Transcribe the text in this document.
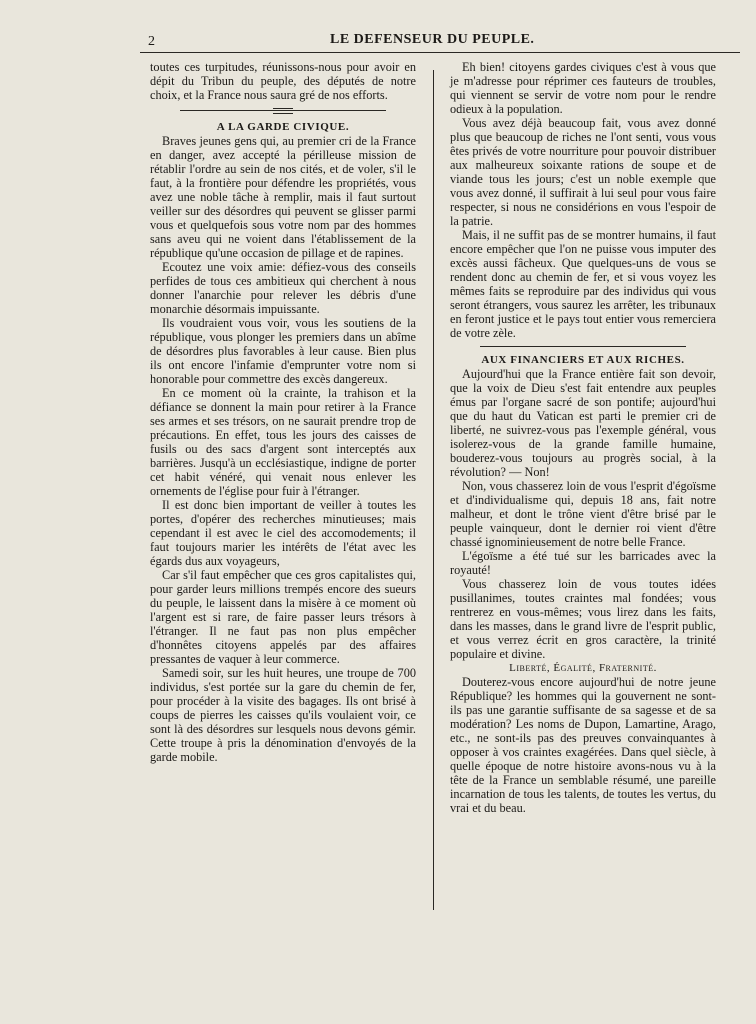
2	LE DEFENSEUR DU PEUPLE.

toutes ces turpitudes, réunissons-nous pour avoir en dépit du Tribun du peuple, des députés de notre choix, et la France nous saura gré de nos efforts.

A LA GARDE CIVIQUE.

Braves jeunes gens qui, au premier cri de la France en danger, avez accepté la périlleuse mission de rétablir l'ordre au sein de nos cités, et de voler, s'il le faut, à la frontière pour défendre les propriétés, vous avez une noble tâche à remplir, mais il faut surtout veiller sur des désordres qui peuvent se glisser parmi vous et quelquefois sous votre nom par des hommes sans aveu qui ne voient dans l'établissement de la république qu'une occasion de pillage et de rapines.

Ecoutez une voix amie: défiez-vous des conseils perfides de tous ces ambitieux qui cherchent à nous donner l'anarchie pour relever les débris d'une monarchie désormais impuissante.

Ils voudraient vous voir, vous les soutiens de la république, vous plonger les premiers dans un abîme de désordres plus favorables à leur cause. Bien plus ils ont encore l'infamie d'emprunter votre nom si honorable pour commettre des excès dangereux.

En ce moment où la crainte, la trahison et la défiance se donnent la main pour retirer à la France ses armes et ses trésors, on ne saurait prendre trop de précautions. En effet, tous les jours des caisses de fusils ou des sacs d'argent sont interceptés aux barrières. Jusqu'à un ecclésiastique, indigne de porter cet habit vénéré, qui venait nous enlever les ornements de l'église pour fuir à l'étranger.

Il est donc bien important de veiller à toutes les portes, d'opérer des recherches minutieuses; mais cependant il est avec le ciel des accomodements; il faut toujours marier les intérêts de l'état avec les égards dus aux voyageurs,

Car s'il faut empêcher que ces gros capitalistes qui, pour garder leurs millions trempés encore des sueurs du peuple, le laissent dans la misère à ce moment où l'argent est si rare, de faire passer leurs trésors à l'étranger. Il ne faut pas non plus empêcher d'honnêtes citoyens appelés par des affaires pressantes de vaquer à leur commerce.

Samedi soir, sur les huit heures, une troupe de 700 individus, s'est portée sur la gare du chemin de fer, pour procéder à la visite des bagages. Ils ont brisé à coups de pierres les caisses qu'ils voulaient voir, ce sont là des désordres sur lesquels nous devons gémir. Cette troupe à pris la dénomination d'envoyés de la garde mobile.

Eh bien! citoyens gardes civiques c'est à vous que je m'adresse pour réprimer ces fauteurs de troubles, qui viennent se servir de votre nom pour le rendre odieux à la population.

Vous avez déjà beaucoup fait, vous avez donné plus que beaucoup de riches ne l'ont senti, vous vous êtes privés de votre nourriture pour pouvoir distribuer aux malheureux soixante rations de soupe et de viande tous les jours; c'est un noble exemple que vous avez donné, il suffirait à lui seul pour vous faire respecter, si nous ne considérions en vous l'espoir de la patrie.

Mais, il ne suffit pas de se montrer humains, il faut encore empêcher que l'on ne puisse vous imputer des excès aussi fâcheux. Que quelques-uns de vous se rendent donc au chemin de fer, et si vous voyez les mêmes faits se reproduire par des individus qui vous seront étrangers, vous saurez les arrêter, les tribunaux en feront justice et le pays tout entier vous remerciera de votre zèle.

AUX FINANCIERS ET AUX RICHES.

Aujourd'hui que la France entière fait son devoir, que la voix de Dieu s'est fait entendre aux peuples émus par l'organe sacré de son pontife; aujourd'hui que du haut du Vatican est parti le premier cri de liberté, ne suivrez-vous pas l'exemple général, vous isolerez-vous de la grande famille humaine, bouderez-vous toujours au progrès social, à la révolution? — Non!

Non, vous chasserez loin de vous l'esprit d'égoïsme et d'individualisme qui, depuis 18 ans, fait notre malheur, et dont le trône vient d'être brisé par le peuple vainqueur, dont le dernier roi vient d'être chassé ignominieusement de notre belle France.

L'égoïsme a été tué sur les barricades avec la royauté!

Vous chasserez loin de vous toutes idées pusillanimes, toutes craintes mal fondées; vous rentrerez en vous-mêmes; vous lirez dans les faits, dans les masses, dans le grand livre de l'esprit public, et vous verrez écrit en gros caractère, la trinité populaire et divine.

Liberté, Égalité, Fraternité.

Douterez-vous encore aujourd'hui de notre jeune République? les hommes qui la gouvernent ne sont-ils pas une garantie suffisante de sa sagesse et de sa modération? Les noms de Dupon, Lamartine, Arago, etc., ne sont-ils pas des preuves convainquantes à opposer à vos craintes exagérées. Dans quel siècle, à quelle époque de notre histoire avons-nous vu à la tête de la France un semblable résumé, une pareille incarnation de tous les talents, de toutes les vertus, du vrai et du beau.
